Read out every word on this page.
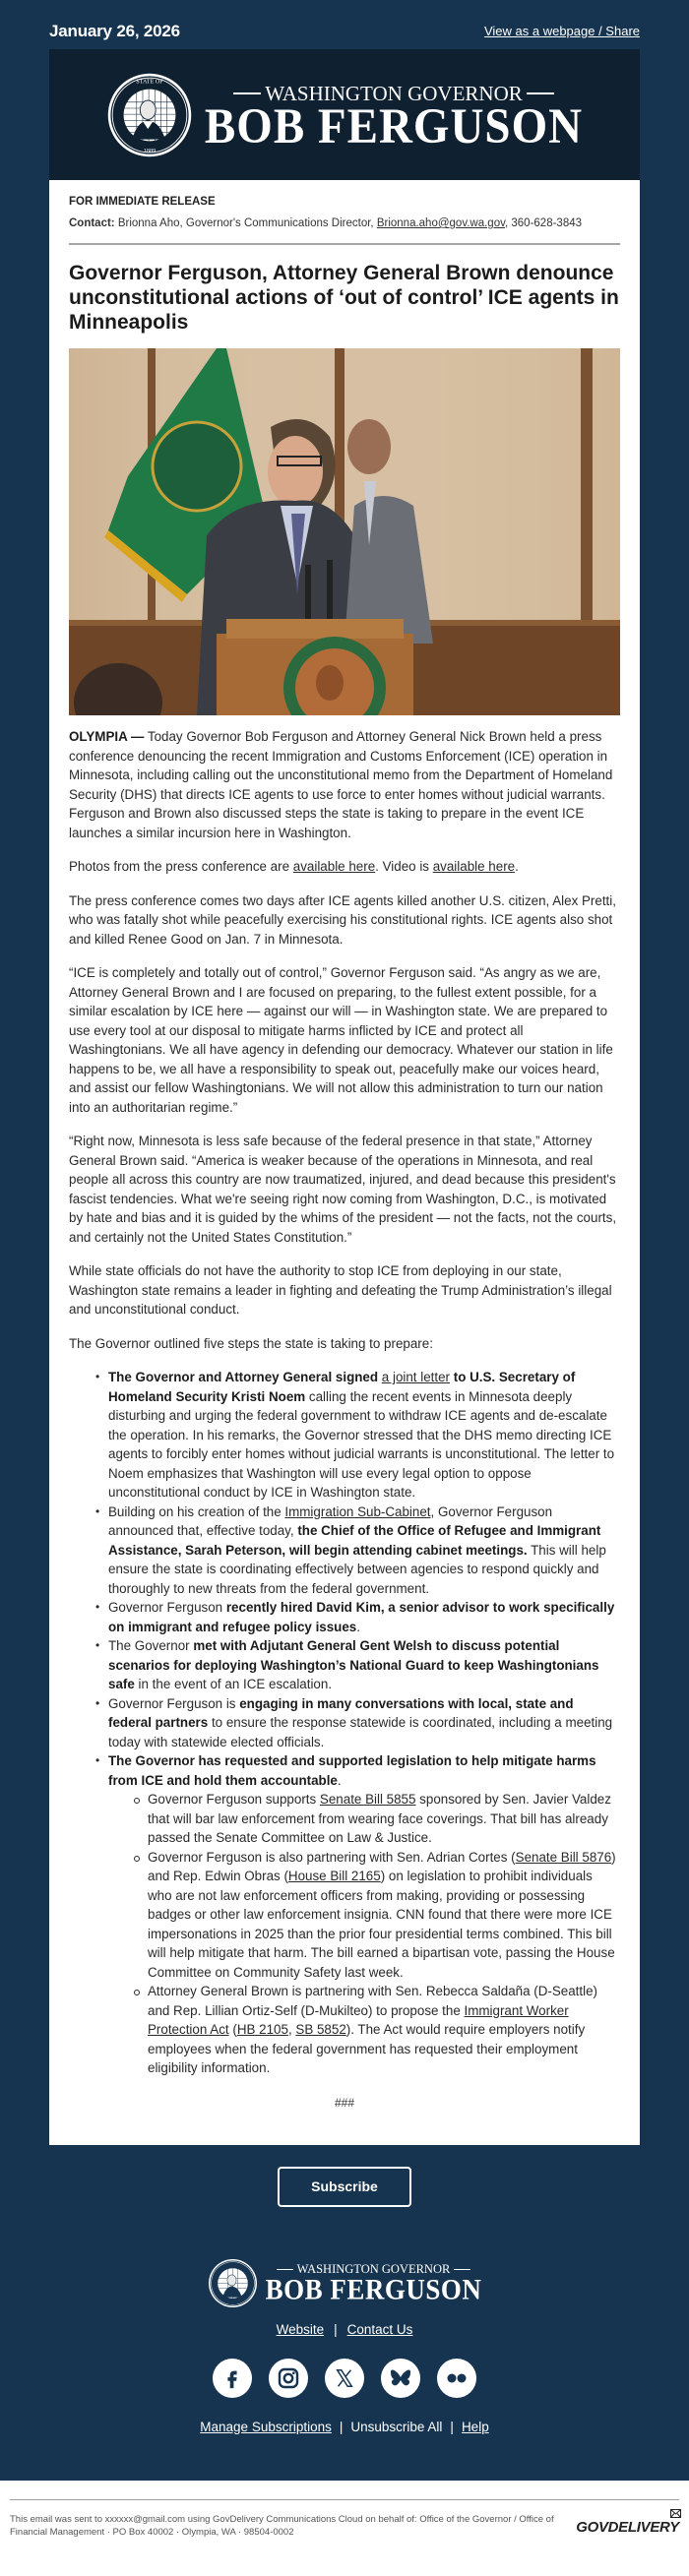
January 26, 2026	View as a webpage / Share
STATE OF
1889
WASHINGTON GOVERNOR
BOB FERGUSON
FOR IMMEDIATE RELEASE
Contact: Brionna Aho, Governor's Communications Director, Brionna.aho@gov.wa.gov, 360-628-3843
Governor Ferguson, Attorney General Brown denounce unconstitutional actions of ‘out of control’ ICE agents in Minneapolis

OLYMPIA — Today Governor Bob Ferguson and Attorney General Nick Brown held a press conference denouncing the recent Immigration and Customs Enforcement (ICE) operation in Minnesota, including calling out the unconstitutional memo from the Department of Homeland Security (DHS) that directs ICE agents to use force to enter homes without judicial warrants. Ferguson and Brown also discussed steps the state is taking to prepare in the event ICE launches a similar incursion here in Washington.

Photos from the press conference are available here. Video is available here.

The press conference comes two days after ICE agents killed another U.S. citizen, Alex Pretti, who was fatally shot while peacefully exercising his constitutional rights. ICE agents also shot and killed Renee Good on Jan. 7 in Minnesota.

“ICE is completely and totally out of control,” Governor Ferguson said. “As angry as we are, Attorney General Brown and I are focused on preparing, to the fullest extent possible, for a similar escalation by ICE here — against our will — in Washington state. We are prepared to use every tool at our disposal to mitigate harms inflicted by ICE and protect all Washingtonians. We all have agency in defending our democracy. Whatever our station in life happens to be, we all have a responsibility to speak out, peacefully make our voices heard, and assist our fellow Washingtonians. We will not allow this administration to turn our nation into an authoritarian regime.”

“Right now, Minnesota is less safe because of the federal presence in that state,” Attorney General Brown said. “America is weaker because of the operations in Minnesota, and real people all across this country are now traumatized, injured, and dead because this president's fascist tendencies. What we're seeing right now coming from Washington, D.C., is motivated by hate and bias and it is guided by the whims of the president — not the facts, not the courts, and certainly not the United States Constitution.”

While state officials do not have the authority to stop ICE from deploying in our state, Washington state remains a leader in fighting and defeating the Trump Administration’s illegal and unconstitutional conduct.

The Governor outlined five steps the state is taking to prepare:

• The Governor and Attorney General signed a joint letter to U.S. Secretary of Homeland Security Kristi Noem calling the recent events in Minnesota deeply disturbing and urging the federal government to withdraw ICE agents and de-escalate the operation. In his remarks, the Governor stressed that the DHS memo directing ICE agents to forcibly enter homes without judicial warrants is unconstitutional. The letter to Noem emphasizes that Washington will use every legal option to oppose unconstitutional conduct by ICE in Washington state.
• Building on his creation of the Immigration Sub-Cabinet, Governor Ferguson announced that, effective today, the Chief of the Office of Refugee and Immigrant Assistance, Sarah Peterson, will begin attending cabinet meetings. This will help ensure the state is coordinating effectively between agencies to respond quickly and thoroughly to new threats from the federal government.
• Governor Ferguson recently hired David Kim, a senior advisor to work specifically on immigrant and refugee policy issues.
• The Governor met with Adjutant General Gent Welsh to discuss potential scenarios for deploying Washington’s National Guard to keep Washingtonians safe in the event of an ICE escalation.
• Governor Ferguson is engaging in many conversations with local, state and federal partners to ensure the response statewide is coordinated, including a meeting today with statewide elected officials.
• The Governor has requested and supported legislation to help mitigate harms from ICE and hold them accountable.
Governor Ferguson supports Senate Bill 5855 sponsored by Sen. Javier Valdez that will bar law enforcement from wearing face coverings. That bill has already passed the Senate Committee on Law & Justice.
Governor Ferguson is also partnering with Sen. Adrian Cortes (Senate Bill 5876) and Rep. Edwin Obras (House Bill 2165) on legislation to prohibit individuals who are not law enforcement officers from making, providing or possessing badges or other law enforcement insignia. CNN found that there were more ICE impersonations in 2025 than the prior four presidential terms combined. This bill will help mitigate that harm. The bill earned a bipartisan vote, passing the House Committee on Community Safety last week.
Attorney General Brown is partnering with Sen. Rebecca Saldaña (D-Seattle) and Rep. Lillian Ortiz-Self (D-Mukilteo) to propose the Immigrant Worker Protection Act (HB 2105, SB 5852). The Act would require employers notify employees when the federal government has requested their employment eligibility information.
###
Subscribe
WASHINGTON GOVERNOR
BOB FERGUSON
Website | Contact Us
Manage Subscriptions | Unsubscribe All | Help
This email was sent to xxxxxx@gmail.com using GovDelivery Communications Cloud on behalf of: Office of the Governor / Office of Financial Management · PO Box 40002 · Olympia, WA · 98504-0002	GOVDELIVERY
